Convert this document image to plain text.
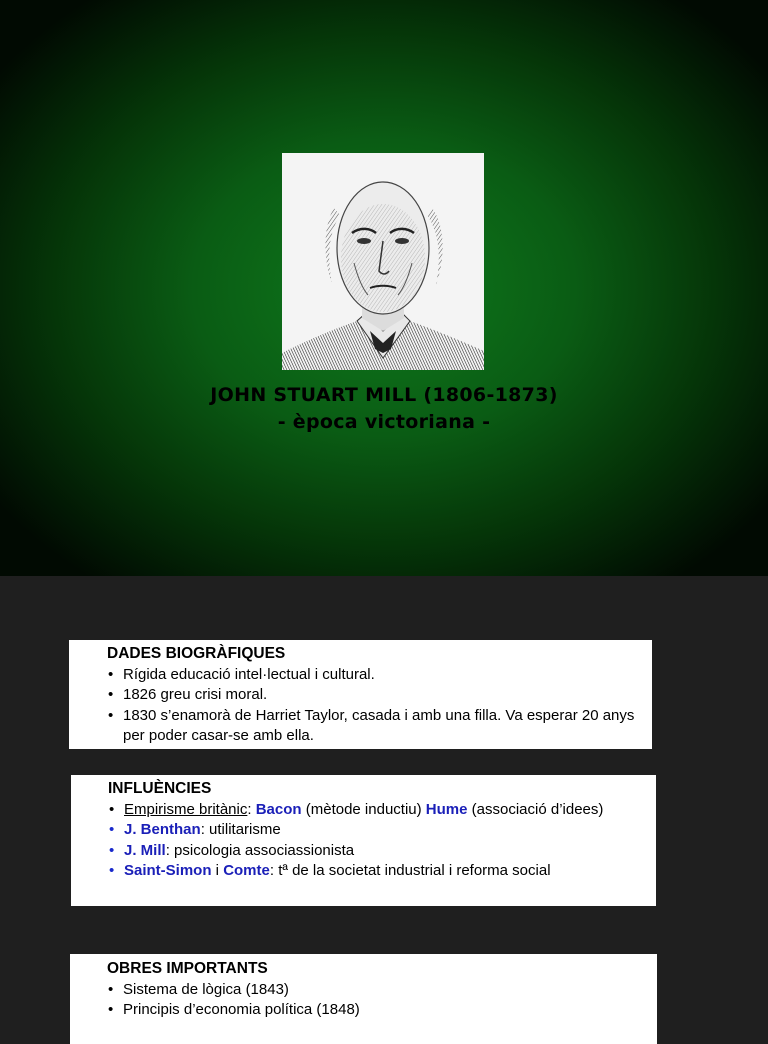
JOHN STUART MILL (1806-1873)
- època victoriana -
DADES BIOGRÀFIQUES
• Rígida educació intel·lectual i cultural.
• 1826 greu crisi moral.
• 1830 s’enamorà de Harriet Taylor, casada i amb una filla. Va esperar 20 anys per poder casar-se amb ella.
INFLUÈNCIES
• Empirisme britànic: Bacon (mètode inductiu) Hume (associació d’idees)
• J. Benthan: utilitarisme
• J. Mill: psicologia associassionista
• Saint-Simon i Comte: tª de la societat industrial i reforma social
OBRES IMPORTANTS
• Sistema de lògica (1843)
• Principis d’economia política (1848)
